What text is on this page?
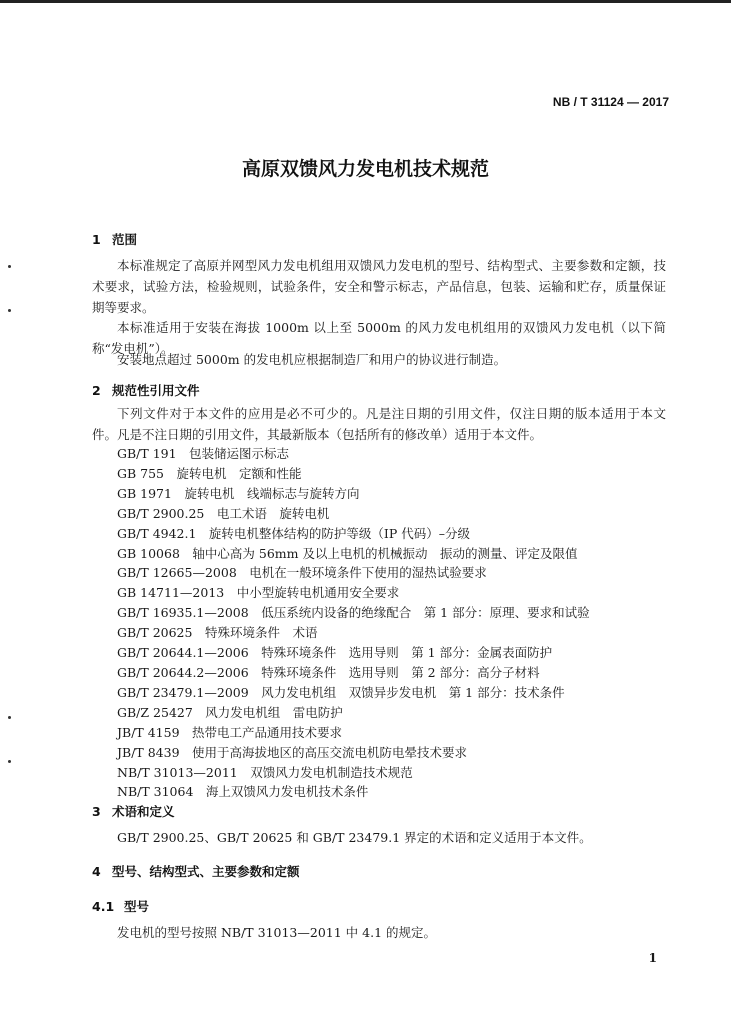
NB / T 31124 — 2017
高原双馈风力发电机技术规范
1 范围
本标准规定了高原并网型风力发电机组用双馈风力发电机的型号、结构型式、主要参数和定额，技术要求，试验方法，检验规则，试验条件，安全和警示标志，产品信息，包装、运输和贮存，质量保证期等要求。
本标准适用于安装在海拔 1000m 以上至 5000m 的风力发电机组用的双馈风力发电机（以下简称“发电机”）。
安装地点超过 5000m 的发电机应根据制造厂和用户的协议进行制造。
2 规范性引用文件
下列文件对于本文件的应用是必不可少的。凡是注日期的引用文件，仅注日期的版本适用于本文件。凡是不注日期的引用文件，其最新版本（包括所有的修改单）适用于本文件。
GB/T 191　包装储运图示标志
GB 755　旋转电机　定额和性能
GB 1971　旋转电机　线端标志与旋转方向
GB/T 2900.25　电工术语　旋转电机
GB/T 4942.1　旋转电机整体结构的防护等级（IP 代码）–分级
GB 10068　轴中心高为 56mm 及以上电机的机械振动　振动的测量、评定及限值
GB/T 12665—2008　电机在一般环境条件下使用的湿热试验要求
GB 14711—2013　中小型旋转电机通用安全要求
GB/T 16935.1—2008　低压系统内设备的绝缘配合　第 1 部分：原理、要求和试验
GB/T 20625　特殊环境条件　术语
GB/T 20644.1—2006　特殊环境条件　选用导则　第 1 部分：金属表面防护
GB/T 20644.2—2006　特殊环境条件　选用导则　第 2 部分：高分子材料
GB/T 23479.1—2009　风力发电机组　双馈异步发电机　第 1 部分：技术条件
GB/Z 25427　风力发电机组　雷电防护
JB/T 4159　热带电工产品通用技术要求
JB/T 8439　使用于高海拔地区的高压交流电机防电晕技术要求
NB/T 31013—2011　双馈风力发电机制造技术规范
NB/T 31064　海上双馈风力发电机技术条件
3 术语和定义
GB/T 2900.25、GB/T 20625 和 GB/T 23479.1 界定的术语和定义适用于本文件。
4 型号、结构型式、主要参数和定额
4.1 型号
发电机的型号按照 NB/T 31013—2011 中 4.1 的规定。
1
